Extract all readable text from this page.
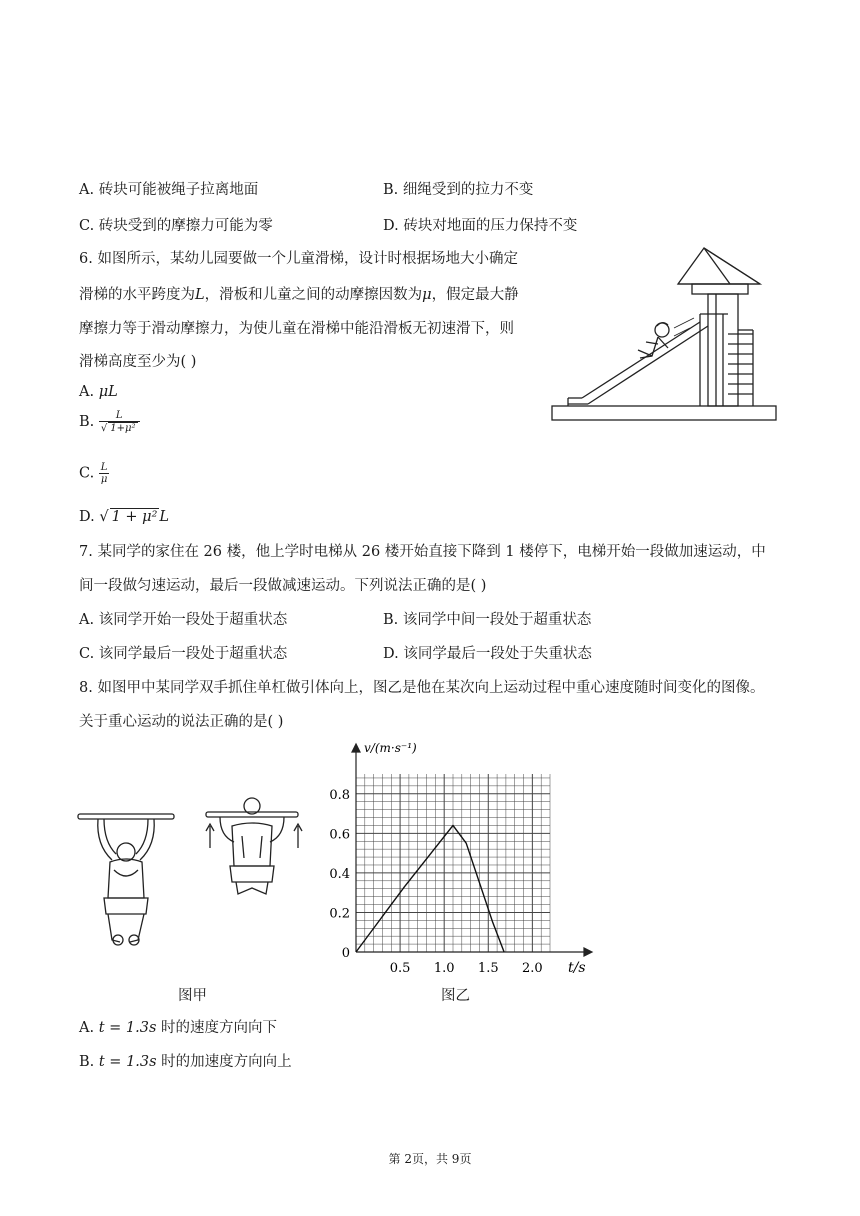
A. 砖块可能被绳子拉离地面	B. 细绳受到的拉力不变
C. 砖块受到的摩擦力可能为零	D. 砖块对地面的压力保持不变
6. 如图所示，某幼儿园要做一个儿童滑梯，设计时根据场地大小确定
滑梯的水平跨度为L，滑板和儿童之间的动摩擦因数为μ，假定最大静
摩擦力等于滑动摩擦力，为使儿童在滑梯中能沿滑板无初速滑下，则
滑梯高度至少为( )
A. μL
B. $\frac{L}{\text{√ 1+μ²}}$
C. $\frac{L}{\mu}$
D. √ 1 + μ² L
7. 某同学的家住在 26 楼，他上学时电梯从 26 楼开始直接下降到 1 楼停下，电梯开始一段做加速运动，中
间一段做匀速运动，最后一段做减速运动。下列说法正确的是( )
A. 该同学开始一段处于超重状态	B. 该同学中间一段处于超重状态
C. 该同学最后一段处于超重状态	D. 该同学最后一段处于失重状态
8. 如图甲中某同学双手抓住单杠做引体向上，图乙是他在某次向上运动过程中重心速度随时间变化的图像。
关于重心运动的说法正确的是( )
图甲
0
0.2
0.4
0.6
0.8
0.5 1.0 1.5 2.0
v/(m·s⁻¹)
t/s
图乙
A. t = 1.3s 时的速度方向向下
B. t = 1.3s 时的加速度方向向上
第 2页，共 9页
